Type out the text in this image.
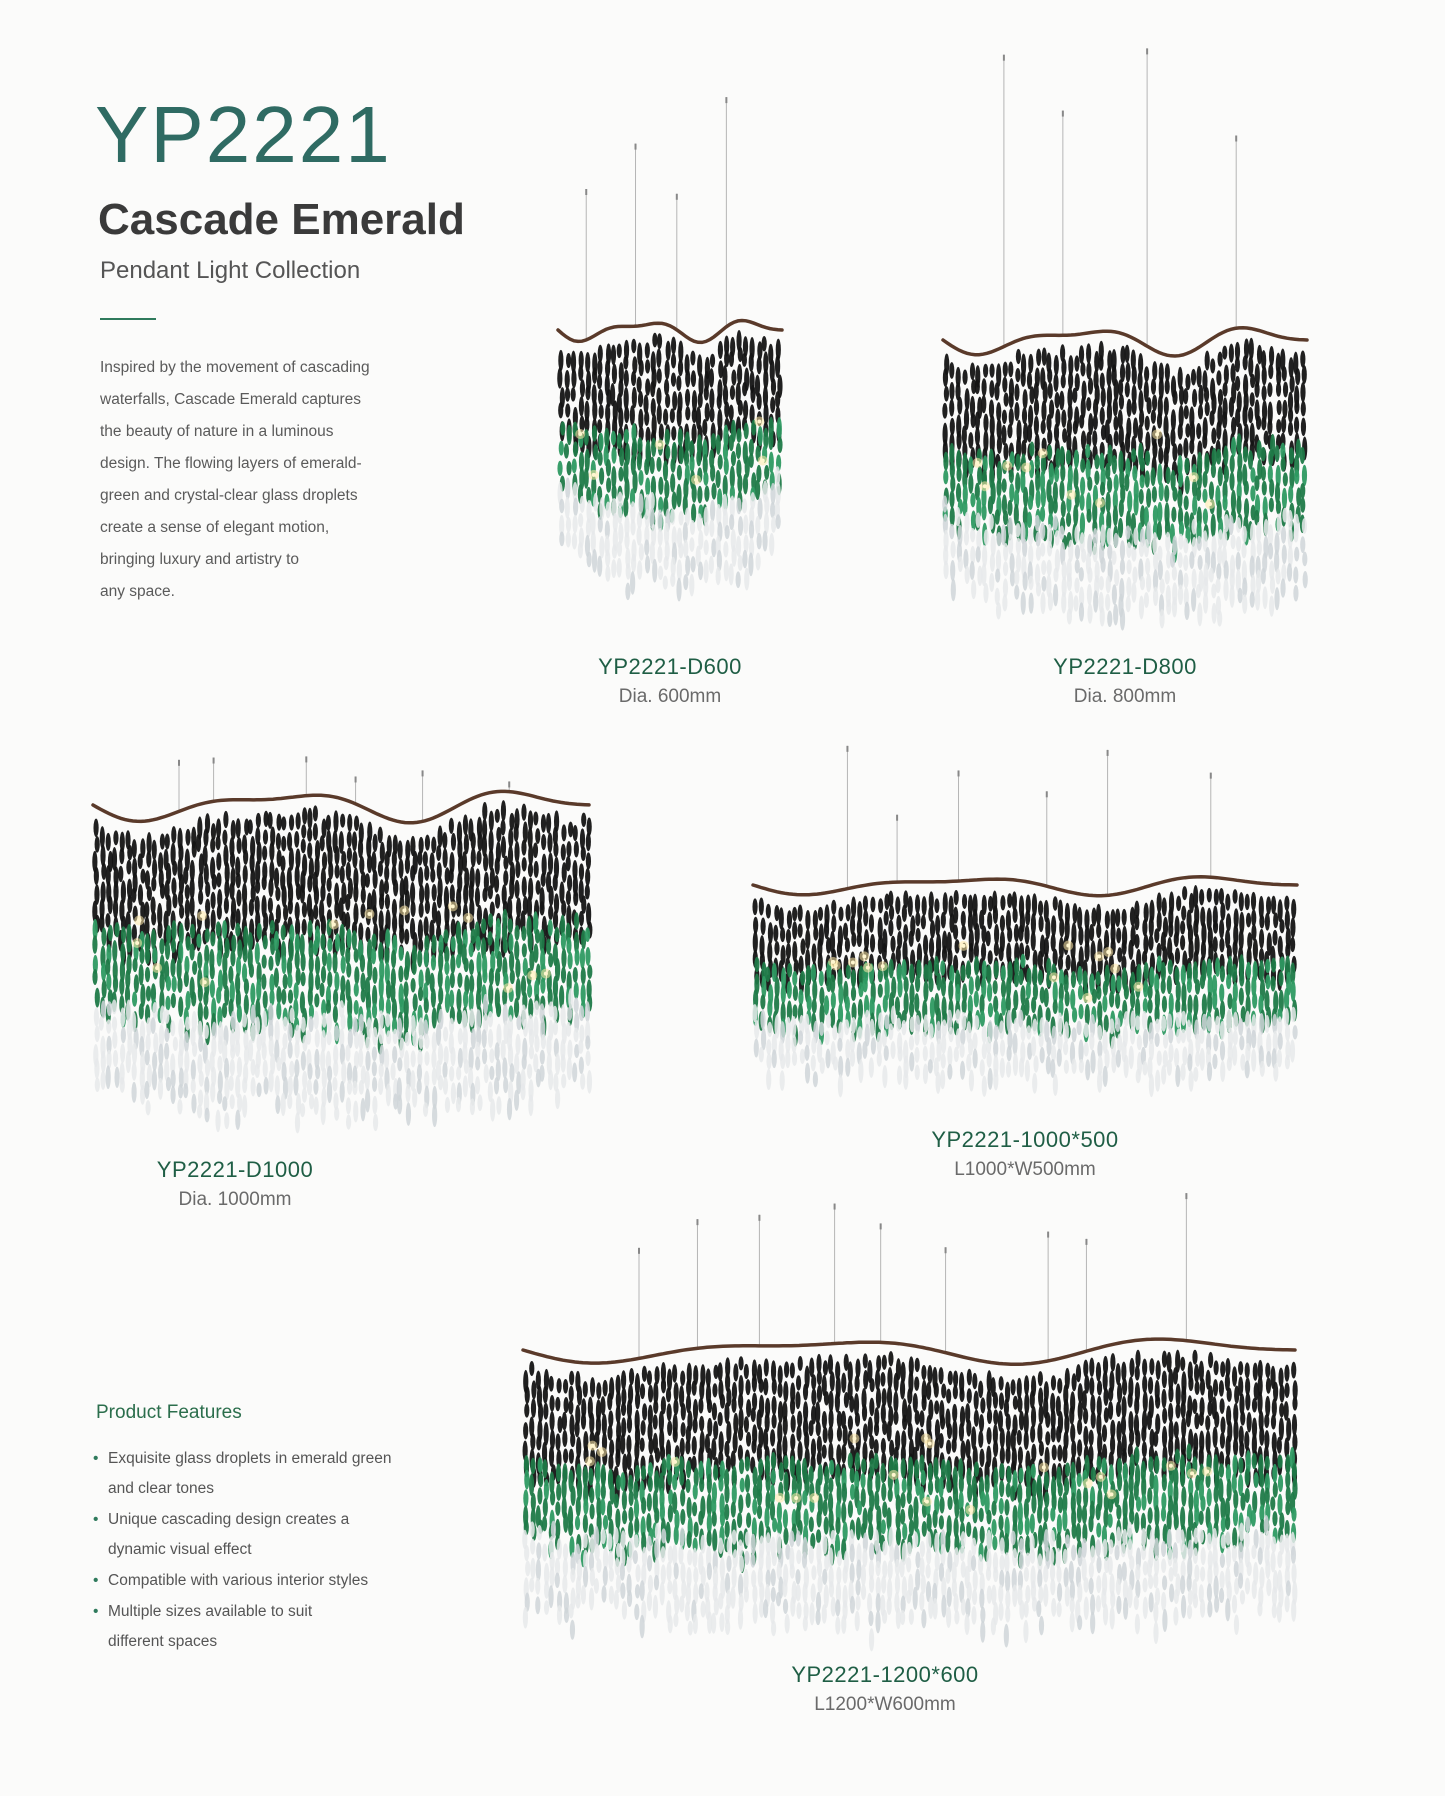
YP2221
Cascade Emerald
Pendant Light Collection
Inspired by the movement of cascading
waterfalls, Cascade Emerald captures
the beauty of nature in a luminous
design. The flowing layers of emerald-
green and crystal-clear glass droplets
create a sense of elegant motion,
bringing luxury and artistry to
any space.
YP2221-D600
Dia. 600mm
YP2221-D800
Dia. 800mm
YP2221-D1000
Dia. 1000mm
YP2221-1000*500
L1000*W500mm
YP2221-1200*600
L1200*W600mm
Product Features
• Exquisite glass droplets in emerald green
and clear tones
• Unique cascading design creates a
dynamic visual effect
• Compatible with various interior styles
• Multiple sizes available to suit
different spaces
